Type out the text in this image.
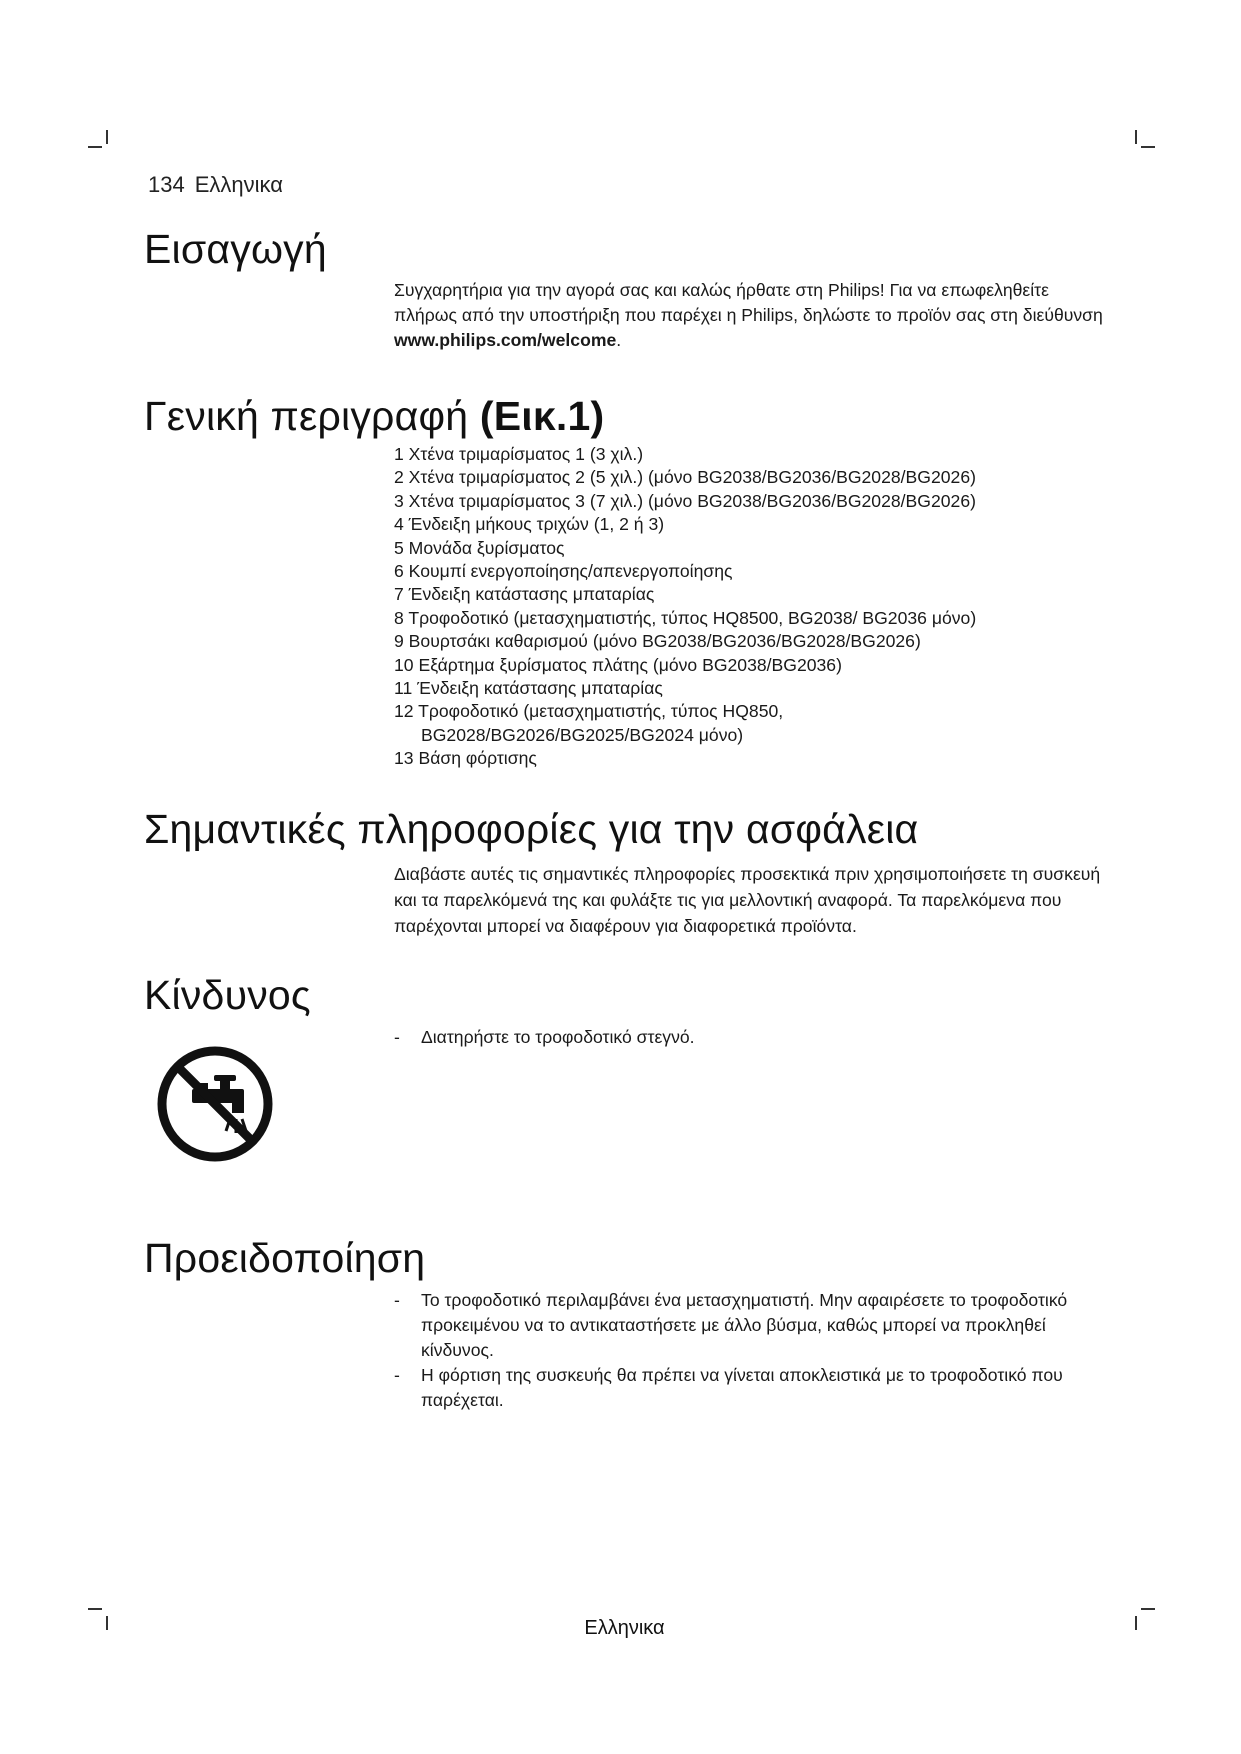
134 Ελληνικα
Εισαγωγή

Συγχαρητήρια για την αγορά σας και καλώς ήρθατε στη Philips! Για να επωφεληθείτε πλήρως από την υποστήριξη που παρέχει η Philips, δηλώστε το προϊόν σας στη διεύθυνση www.philips.com/welcome.

Γενική περιγραφή (Εικ.1)
1 Χτένα τριμαρίσματος 1 (3 χιλ.)
2 Χτένα τριμαρίσματος 2 (5 χιλ.) (μόνο BG2038/BG2036/BG2028/BG2026)
3 Χτένα τριμαρίσματος 3 (7 χιλ.) (μόνο BG2038/BG2036/BG2028/BG2026)
4 Ένδειξη μήκους τριχών (1, 2 ή 3)
5 Μονάδα ξυρίσματος
6 Κουμπί ενεργοποίησης/απενεργοποίησης
7 Ένδειξη κατάστασης μπαταρίας
8 Τροφοδοτικό (μετασχηματιστής, τύπος HQ8500, BG2038/ BG2036 μόνο)
9 Βουρτσάκι καθαρισμού (μόνο BG2038/BG2036/BG2028/BG2026)
10 Εξάρτημα ξυρίσματος πλάτης (μόνο BG2038/BG2036)
11 Ένδειξη κατάστασης μπαταρίας
12 Τροφοδοτικό (μετασχηματιστής, τύπος HQ850,
BG2028/BG2026/BG2025/BG2024 μόνο)
13 Βάση φόρτισης
Σημαντικές πληροφορίες για την ασφάλεια

Διαβάστε αυτές τις σημαντικές πληροφορίες προσεκτικά πριν χρησιμοποιήσετε τη συσκευή και τα παρελκόμενά της και φυλάξτε τις για μελλοντική αναφορά. Τα παρελκόμενα που παρέχονται μπορεί να διαφέρουν για διαφορετικά προϊόντα.

Κίνδυνος
- Διατηρήστε το τροφοδοτικό στεγνό.
Προειδοποίηση
- Το τροφοδοτικό περιλαμβάνει ένα μετασχηματιστή. Μην αφαιρέσετε το τροφοδοτικό προκειμένου να το αντικαταστήσετε με άλλο βύσμα, καθώς μπορεί να προκληθεί κίνδυνος.
- Η φόρτιση της συσκευής θα πρέπει να γίνεται αποκλειστικά με το τροφοδοτικό που παρέχεται.
Ελληνικα
